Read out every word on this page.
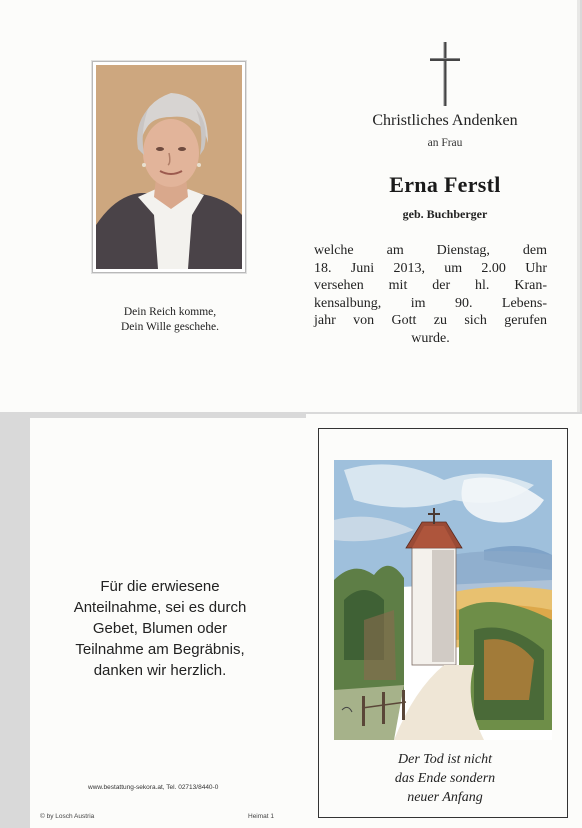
Dein Reich komme,
Dein Wille geschehe.
Christliches Andenken
an Frau
Erna Ferstl
geb. Buchberger
welche am Dienstag, dem
18. Juni 2013, um 2.00 Uhr
versehen mit der hl. Kran-
kensalbung, im 90. Lebens-
jahr von Gott zu sich gerufen
wurde.
Für die erwiesene
Anteilnahme, sei es durch
Gebet, Blumen oder
Teilnahme am Begräbnis,
danken wir herzlich.
www.bestattung-sekora.at, Tel. 02713/8440-0
© by Losch Austria	Heimat 1
Der Tod ist nicht
das Ende sondern
neuer Anfang
